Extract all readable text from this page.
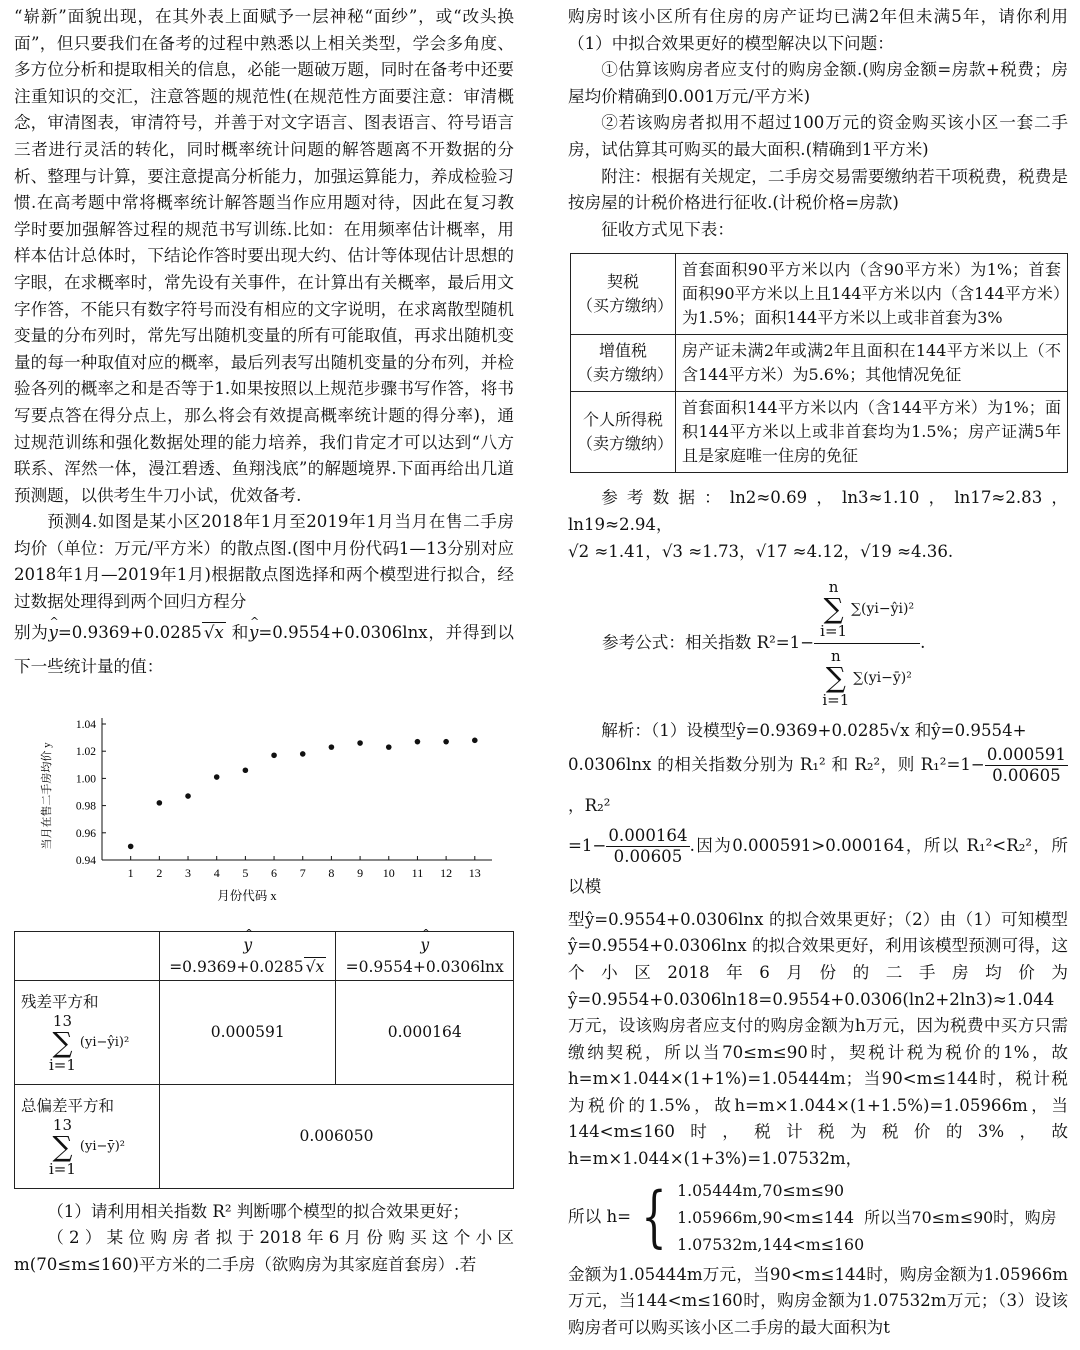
“崭新”面貌出现，在其外表上面赋予一层神秘“面纱”，或“改头换面”，但只要我们在备考的过程中熟悉以上相关类型，学会多角度、多方位分析和提取相关的信息，必能一题破万题，同时在备考中还要注重知识的交汇，注意答题的规范性(在规范性方面要注意：审清概念，审清图表，审清符号，并善于对文字语言、图表语言、符号语言三者进行灵活的转化，同时概率统计问题的解答题离不开数据的分析、整理与计算，要注意提高分析能力，加强运算能力，养成检验习惯.在高考题中常将概率统计解答题当作应用题对待，因此在复习教学时要加强解答过程的规范书写训练.比如：在用频率估计概率，用样本估计总体时，下结论作答时要出现大约、估计等体现估计思想的字眼，在求概率时，常先设有关事件，在计算出有关概率，最后用文字作答，不能只有数字符号而没有相应的文字说明，在求离散型随机变量的分布列时，常先写出随机变量的所有可能取值，再求出随机变量的每一种取值对应的概率，最后列表写出随机变量的分布列，并检验各列的概率之和是否等于1.如果按照以上规范步骤书写作答，将书写要点答在得分点上，那么将会有效提高概率统计题的得分率)，通过规范训练和强化数据处理的能力培养，我们肯定才可以达到“八方联系、浑然一体，漫江碧透、鱼翔浅底”的解题境界.下面再给出几道预测题，以供考生牛刀小试，优效备考.

预测4.如图是某小区2018年1月至2019年1月当月在售二手房均价（单位：万元/平方米）的散点图.(图中月份代码1—13分别对应2018年1月—2019年1月)根据散点图选择和两个模型进行拟合，经过数据处理得到两个回归方程分

别为^ y=0.9369+0.0285 √x 和^ y=0.9554+0.0306lnx，并得到以下一些统计量的值：

0.94
0.96
0.98
1.00
1.02
1.04
1 2 3 4 5 6 7 8 9 10 11 12 13
月份代码 x
当月在售二手房均价 y
	^ y=0.9369+0.0285 √x	^ y=0.9554+0.0306lnx

残差平方和
13
∑
i=1
(yi−ŷi)²	0.000591	0.000164

总偏差平方和
13
∑
i=1
(yi−ȳ)²	0.006050	

（1）请利用相关指数 R² 判断哪个模型的拟合效果更好；

（2）某位购房者拟于2018年6月份购买这个小区m(70≤m≤160)平方米的二手房（欲购房为其家庭首套房）.若

购房时该小区所有住房的房产证均已满2年但未满5年，请你利用（1）中拟合效果更好的模型解决以下问题：

①估算该购房者应支付的购房金额.(购房金额=房款+税费；房屋均价精确到0.001万元/平方米)

②若该购房者拟用不超过100万元的资金购买该小区一套二手房，试估算其可购买的最大面积.(精确到1平方米)

附注：根据有关规定，二手房交易需要缴纳若干项税费，税费是按房屋的计税价格进行征收.(计税价格=房款)

征收方式见下表：

契税
（买方缴纳）	首套面积90平方米以内（含90平方米）为1%；首套面积90平方米以上且144平方米以内（含144平方米）为1.5%；面积144平方米以上或非首套为3%

增值税
（卖方缴纳）	房产证未满2年或满2年且面积在144平方米以上（不含144平方米）为5.6%；其他情况免征

个人所得税
（卖方缴纳）	首套面积144平方米以内（含144平方米）为1%；面积144平方米以上或非首套均为1.5%；房产证满5年且是家庭唯一住房的免征

参考数据：ln2≈0.69，ln3≈1.10，ln17≈2.83，ln19≈2.94，

√2 ≈1.41，√3 ≈1.73，√17 ≈4.12，√19 ≈4.36.

参考公式：相关指数 R²=1− n
∑
i=1
∑(yi−ŷi)²
n
∑
i=1
∑(yi−ȳ)² .

解析：（1）设模型ŷ=0.9369+0.0285√x 和ŷ=0.9554+

0.0306lnx 的相关指数分别为 R₁² 和 R₂²，则 $R_1^2=1- \frac{0.000591}{0.00605}$
，R₂²

$=1- \frac{0.000164}{0.00605}$ .因为0.000591>0.000164，所以 R₁²<R₂²，所以模

型ŷ=0.9554+0.0306lnx 的拟合效果更好；（2）由（1）可知模型ŷ=0.9554+0.0306lnx 的拟合效果更好，利用该模型预测可得，这个小区2018年6月份的二手房均价为ŷ=0.9554+0.0306ln18=0.9554+0.0306(ln2+2ln3)≈1.044万元，设该购房者应支付的购房金额为h万元，因为税费中买方只需缴纳契税，所以当70≤m≤90时，契税计税为税价的1%，故h=m×1.044×(1+1%)=1.05444m；当90<m≤144时，税计税为税价的1.5%，故h=m×1.044×(1+1.5%)=1.05966m，当144<m≤160时，税计税为税价的3%，故h=m×1.044×(1+3%)=1.07532m，

所以 h= { 1.05444m,70≤m≤90
1.05966m,90<m≤144 所以当70≤m≤90时，购房
1.07532m,144<m≤160

金额为1.05444m万元，当90<m≤144时，购房金额为1.05966m万元，当144<m≤160时，购房金额为1.07532m万元；（3）设该购房者可以购买该小区二手房的最大面积为t
